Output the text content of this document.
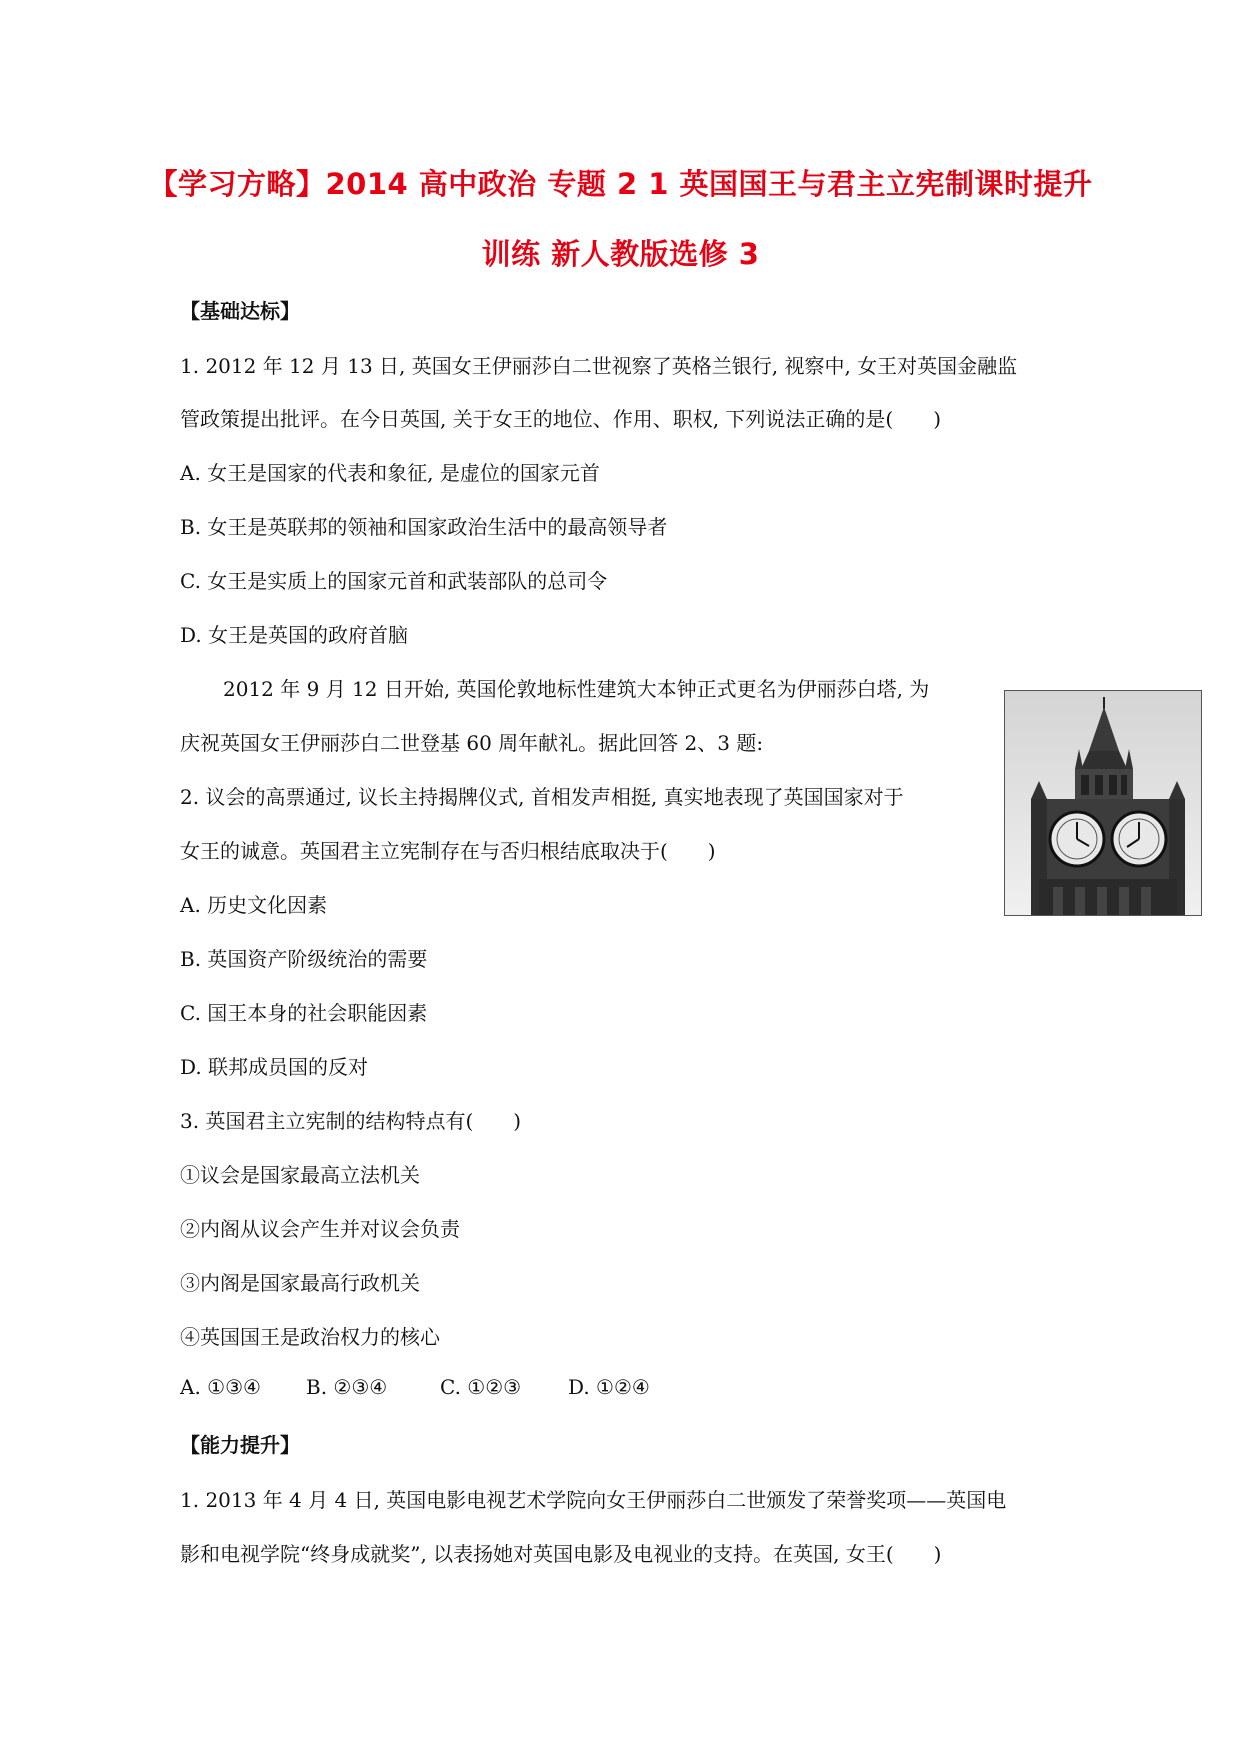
【学习方略】2014 高中政治 专题 2 1 英国国王与君主立宪制课时提升
训练 新人教版选修 3
【基础达标】
1. 2012 年 12 月 13 日, 英国女王伊丽莎白二世视察了英格兰银行, 视察中, 女王对英国金融监
管政策提出批评。在今日英国, 关于女王的地位、作用、职权, 下列说法正确的是(　　)
A. 女王是国家的代表和象征, 是虚位的国家元首
B. 女王是英联邦的领袖和国家政治生活中的最高领导者
C. 女王是实质上的国家元首和武装部队的总司令
D. 女王是英国的政府首脑
2012 年 9 月 12 日开始, 英国伦敦地标性建筑大本钟正式更名为伊丽莎白塔, 为
庆祝英国女王伊丽莎白二世登基 60 周年献礼。据此回答 2、3 题:
2. 议会的高票通过, 议长主持揭牌仪式, 首相发声相挺, 真实地表现了英国国家对于
女王的诚意。英国君主立宪制存在与否归根结底取决于(　　)
A. 历史文化因素
B. 英国资产阶级统治的需要
C. 国王本身的社会职能因素
D. 联邦成员国的反对
3. 英国君主立宪制的结构特点有(　　)
①议会是国家最高立法机关
②内阁从议会产生并对议会负责
③内阁是国家最高行政机关
④英国国王是政治权力的核心
A. ①③④ B. ②③④	C. ①②③ D. ①②④
【能力提升】
1. 2013 年 4 月 4 日, 英国电影电视艺术学院向女王伊丽莎白二世颁发了荣誉奖项——英国电
影和电视学院“终身成就奖”, 以表扬她对英国电影及电视业的支持。在英国, 女王(　　)
